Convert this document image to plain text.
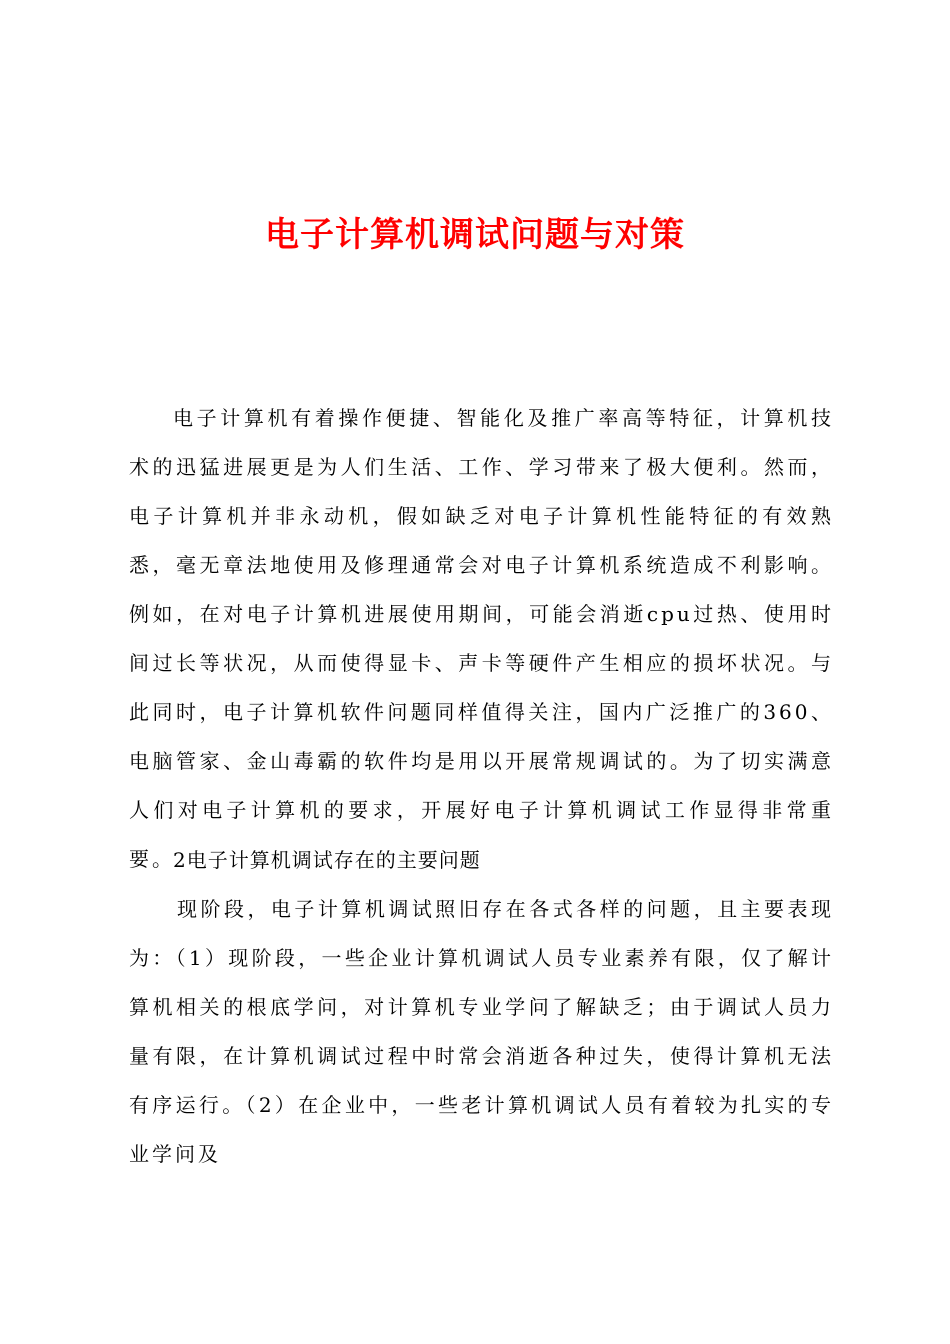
电子计算机调试问题与对策

电子计算机有着操作便捷、智能化及推广率高等特征，计算机技术的迅猛进展更是为人们生活、工作、学习带来了极大便利。然而，电子计算机并非永动机，假如缺乏对电子计算机性能特征的有效熟悉，毫无章法地使用及修理通常会对电子计算机系统造成不利影响。例如，在对电子计算机进展使用期间，可能会消逝cpu过热、使用时间过长等状况，从而使得显卡、声卡等硬件产生相应的损坏状况。与此同时，电子计算机软件问题同样值得关注，国内广泛推广的360、电脑管家、金山毒霸的软件均是用以开展常规调试的。为了切实满意人们对电子计算机的要求，开展好电子计算机调试工作显得非常重要。

2电子计算机调试存在的主要问题

现阶段，电子计算机调试照旧存在各式各样的问题，且主要表现为：（1）现阶段，一些企业计算机调试人员专业素养有限，仅了解计算机相关的根底学问，对计算机专业学问了解缺乏；由于调试人员力量有限，在计算机调试过程中时常会消逝各种过失，使得计算机无法有序运行。（2）在企业中，一些老计算机调试人员有着较为扎实的专业学问及
